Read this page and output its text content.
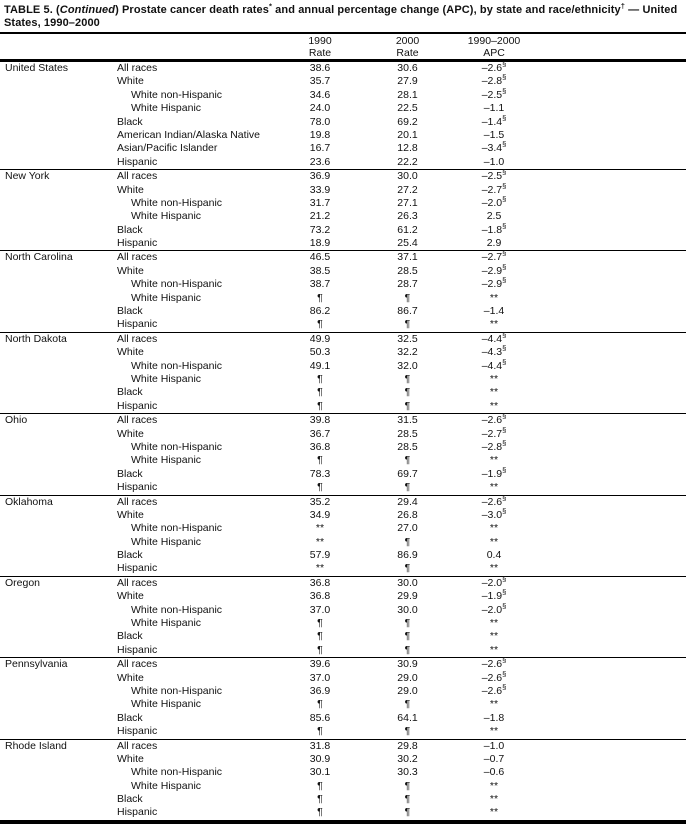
TABLE 5. (Continued) Prostate cancer death rates* and annual percentage change (APC), by state and race/ethnicity† — United
States, 1990–2000
1990
Rate
2000
Rate
1990–2000
APC
United States	All races	38.6	30.6	–2.6§
White	35.7	27.9	–2.8§
White non-Hispanic	34.6	28.1	–2.5§
White Hispanic	24.0	22.5	–1.1
Black	78.0	69.2	–1.4§
American Indian/Alaska Native	19.8	20.1	–1.5
Asian/Pacific Islander	16.7	12.8	–3.4§
Hispanic	23.6	22.2	–1.0
New York	All races	36.9	30.0	–2.5§
White	33.9	27.2	–2.7§
White non-Hispanic	31.7	27.1	–2.0§
White Hispanic	21.2	26.3	2.5
Black	73.2	61.2	–1.8§
Hispanic	18.9	25.4	2.9
North Carolina	All races	46.5	37.1	–2.7§
White	38.5	28.5	–2.9§
White non-Hispanic	38.7	28.7	–2.9§
White Hispanic	¶	¶	**
Black	86.2	86.7	–1.4
Hispanic	¶	¶	**
North Dakota	All races	49.9	32.5	–4.4§
White	50.3	32.2	–4.3§
White non-Hispanic	49.1	32.0	–4.4§
White Hispanic	¶	¶	**
Black	¶	¶	**
Hispanic	¶	¶	**
Ohio	All races	39.8	31.5	–2.6§
White	36.7	28.5	–2.7§
White non-Hispanic	36.8	28.5	–2.8§
White Hispanic	¶	¶	**
Black	78.3	69.7	–1.9§
Hispanic	¶	¶	**
Oklahoma	All races	35.2	29.4	–2.6§
White	34.9	26.8	–3.0§
White non-Hispanic	**	27.0	**
White Hispanic	**	¶	**
Black	57.9	86.9	0.4
Hispanic	**	¶	**
Oregon	All races	36.8	30.0	–2.0§
White	36.8	29.9	–1.9§
White non-Hispanic	37.0	30.0	–2.0§
White Hispanic	¶	¶	**
Black	¶	¶	**
Hispanic	¶	¶	**
Pennsylvania	All races	39.6	30.9	–2.6§
White	37.0	29.0	–2.6§
White non-Hispanic	36.9	29.0	–2.6§
White Hispanic	¶	¶	**
Black	85.6	64.1	–1.8
Hispanic	¶	¶	**
Rhode Island	All races	31.8	29.8	–1.0
White	30.9	30.2	–0.7
White non-Hispanic	30.1	30.3	–0.6
White Hispanic	¶	¶	**
Black	¶	¶	**
Hispanic	¶	¶	**
